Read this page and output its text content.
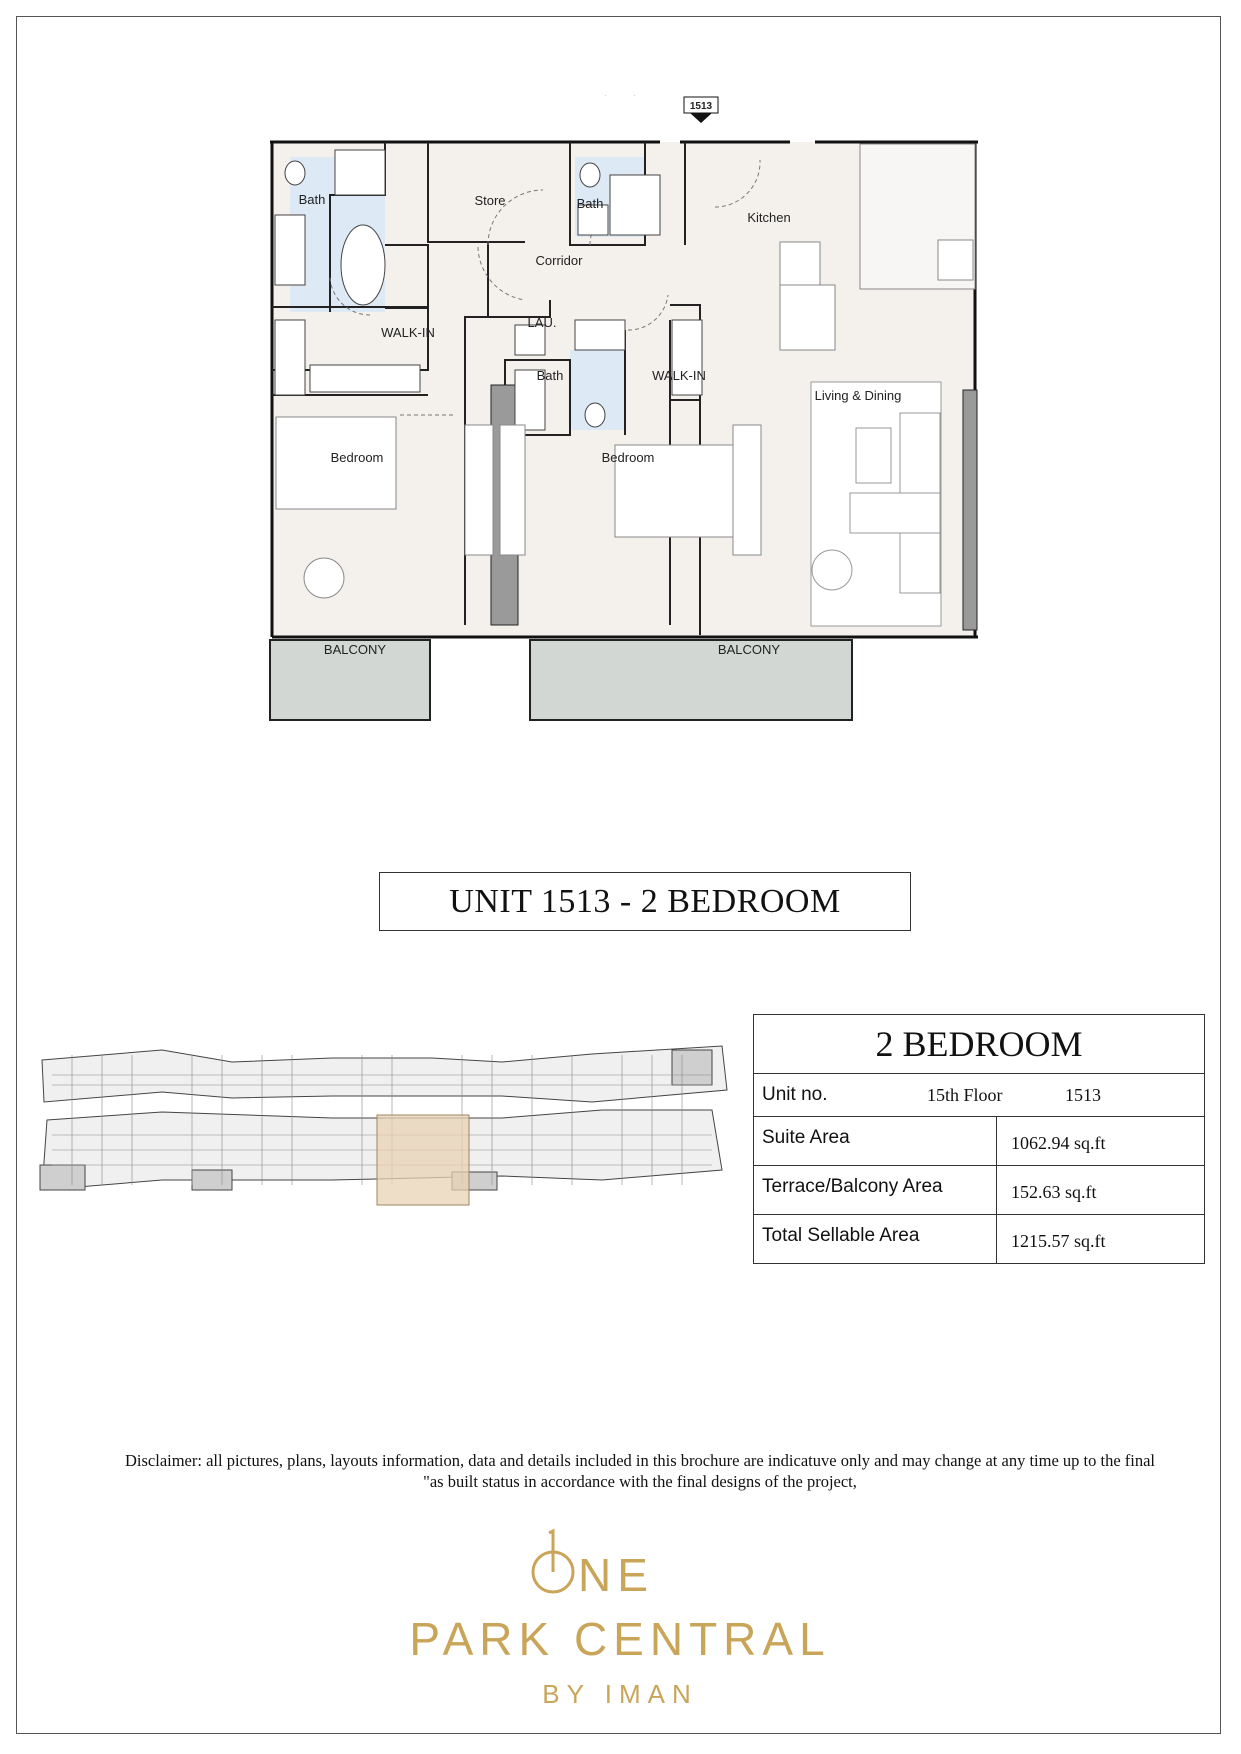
1513
Bath	Store	Bath
Corridor
Kitchen
WALK-IN
LAU.
Bath	WALK-IN
Living & Dining
Bedroom	Bedroom
BALCONY	BALCONY
UNIT 1513 - 2 BEDROOM
2 BEDROOM	

Unit no. 15th Floor 1513	

Suite Area	1062.94 sq.ft
Terrace/Balcony Area	152.63 sq.ft
Total Sellable Area	1215.57 sq.ft
Disclaimer: all pictures, plans, layouts information, data and details included in this brochure are indicatuve only and may change at any time up to the final
"as built status in accordance with the final designs of the project,
NE
PARK CENTRAL
BY IMAN
